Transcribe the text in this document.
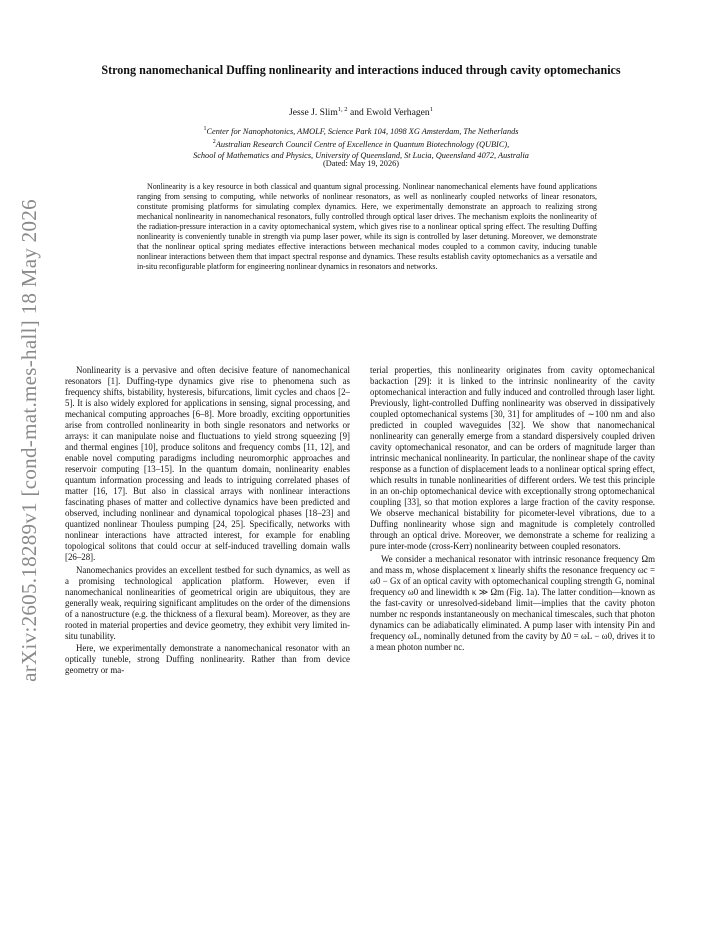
arXiv:2605.18289v1 [cond-mat.mes-hall] 18 May 2026
Strong nanomechanical Duffing nonlinearity and interactions induced through cavity optomechanics
Jesse J. Slim$^{1, 2}$ and Ewold Verhagen$^1$
$^1$Center for Nanophotonics, AMOLF, Science Park 104, 1098 XG Amsterdam, The Netherlands
$^2$Australian Research Council Centre of Excellence in Quantum Biotechnology (QUBIC),
School of Mathematics and Physics, University of Queensland, St Lucia, Queensland 4072, Australia
(Dated: May 19, 2026)

Nonlinearity is a key resource in both classical and quantum signal processing. Nonlinear nanomechanical elements have found applications ranging from sensing to computing, while networks of nonlinear resonators, as well as nonlinearly coupled networks of linear resonators, constitute promising platforms for simulating complex dynamics. Here, we experimentally demonstrate an approach to realizing strong mechanical nonlinearity in nanomechanical resonators, fully controlled through optical laser drives. The mechanism exploits the nonlinearity of the radiation-pressure interaction in a cavity optomechanical system, which gives rise to a nonlinear optical spring effect. The resulting Duffing nonlinearity is conveniently tunable in strength via pump laser power, while its sign is controlled by laser detuning. Moreover, we demonstrate that the nonlinear optical spring mediates effective interactions between mechanical modes coupled to a common cavity, inducing tunable nonlinear interactions between them that impact spectral response and dynamics. These results establish cavity optomechanics as a versatile and in-situ reconfigurable platform for engineering nonlinear dynamics in resonators and networks.

Nonlinearity is a pervasive and often decisive feature of nanomechanical resonators [1]. Duffing-type dynamics give rise to phenomena such as frequency shifts, bistability, hysteresis, bifurcations, limit cycles and chaos [2–5]. It is also widely explored for applications in sensing, signal processing, and mechanical computing approaches [6–8]. More broadly, exciting opportunities arise from controlled nonlinearity in both single resonators and networks or arrays: it can manipulate noise and fluctuations to yield strong squeezing [9] and thermal engines [10], produce solitons and frequency combs [11, 12], and enable novel computing paradigms including neuromorphic approaches and reservoir computing [13–15]. In the quantum domain, nonlinearity enables quantum information processing and leads to intriguing correlated phases of matter [16, 17]. But also in classical arrays with nonlinear interactions fascinating phases of matter and collective dynamics have been predicted and observed, including nonlinear and dynamical topological phases [18–23] and quantized nonlinear Thouless pumping [24, 25]. Specifically, networks with nonlinear interactions have attracted interest, for example for enabling topological solitons that could occur at self-induced travelling domain walls [26–28].

Nanomechanics provides an excellent testbed for such dynamics, as well as a promising technological application platform. However, even if nanomechanical nonlinearities of geometrical origin are ubiquitous, they are generally weak, requiring significant amplitudes on the order of the dimensions of a nanostructure (e.g. the thickness of a flexural beam). Moreover, as they are rooted in material properties and device geometry, they exhibit very limited in-situ tunability.

Here, we experimentally demonstrate a nanomechanical resonator with an optically tuneble, strong Duffing nonlinearity. Rather than from device geometry or ma-

terial properties, this nonlinearity originates from cavity optomechanical backaction [29]: it is linked to the intrinsic nonlinearity of the cavity optomechanical interaction and fully induced and controlled through laser light. Previously, light-controlled Duffing nonlinearity was observed in dissipatively coupled optomechanical systems [30, 31] for amplitudes of ∼100 nm and also predicted in coupled waveguides [32]. We show that nanomechanical nonlinearity can generally emerge from a standard dispersively coupled driven cavity optomechanical resonator, and can be orders of magnitude larger than intrinsic mechanical nonlinearity. In particular, the nonlinear shape of the cavity response as a function of displacement leads to a nonlinear optical spring effect, which results in tunable nonlinearities of different orders. We test this principle in an on-chip optomechanical device with exceptionally strong optomechanical coupling [33], so that motion explores a large fraction of the cavity response. We observe mechanical bistability for picometer-level vibrations, due to a Duffing nonlinearity whose sign and magnitude is completely controlled through an optical drive. Moreover, we demonstrate a scheme for realizing a pure inter-mode (cross-Kerr) nonlinearity between coupled resonators.

We consider a mechanical resonator with intrinsic resonance frequency Ωm and mass m, whose displacement x linearly shifts the resonance frequency ωc = ω0 − Gx of an optical cavity with optomechanical coupling strength G, nominal frequency ω0 and linewidth κ ≫ Ωm (Fig. 1a). The latter condition—known as the fast-cavity or unresolved-sideband limit—implies that the cavity photon number nc responds instantaneously on mechanical timescales, such that photon dynamics can be adiabatically eliminated. A pump laser with intensity Pin and frequency ωL, nominally detuned from the cavity by Δ0 = ωL − ω0, drives it to a mean photon number nc.
